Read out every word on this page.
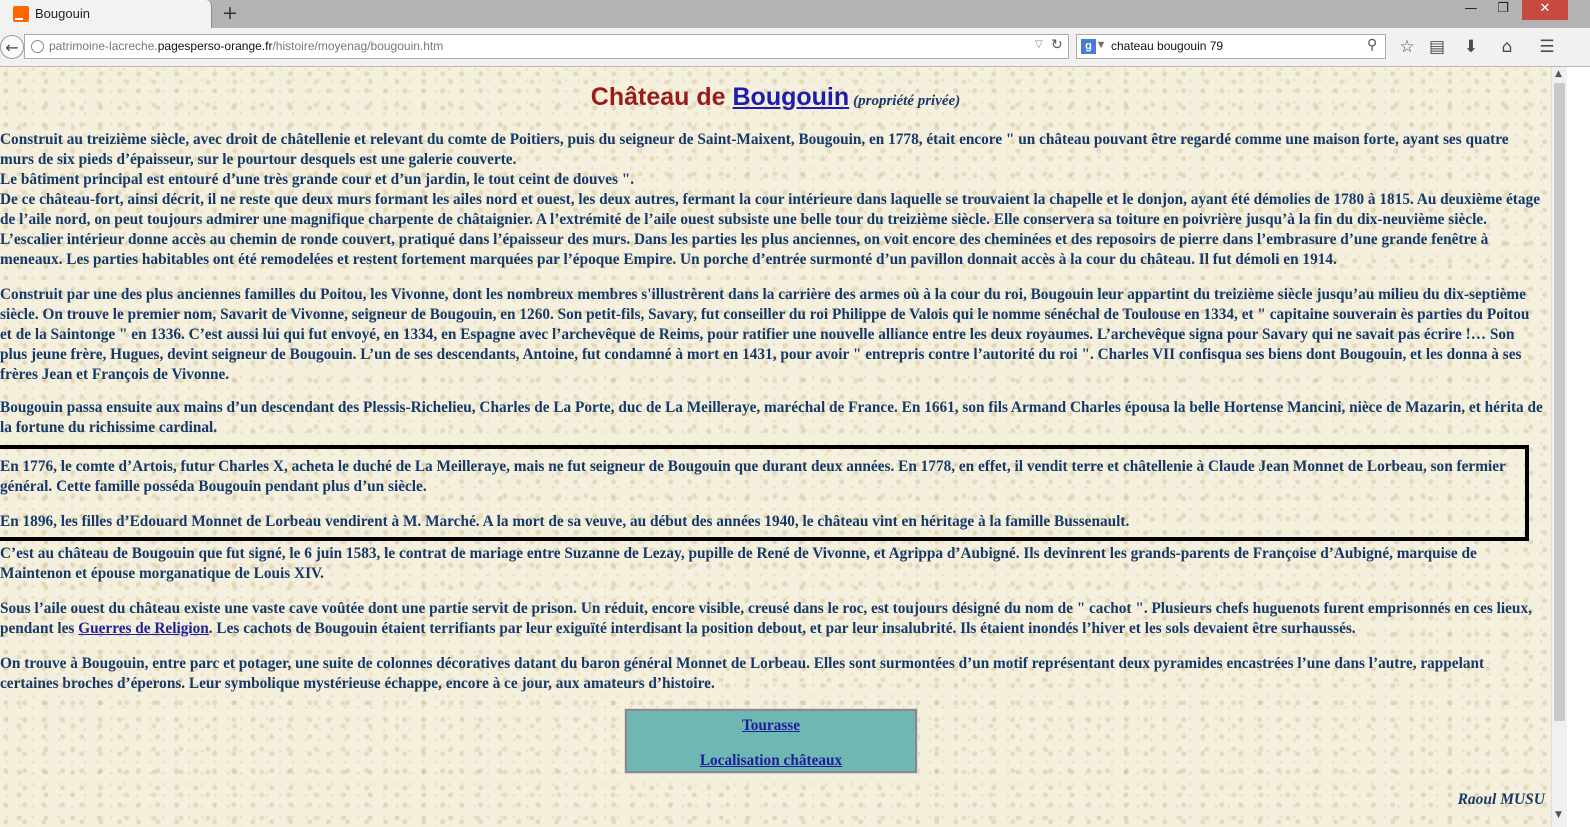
Bougouin	+	—	❐	✕
←	patrimoine-lacreche.pagesperso-orange.fr/histoire/moyenag/bougouin.htm	▽ ↻	g ▼ chateau bougouin 79	⚲ ☆ ▤ ⬇	⌂	☰
Château de Bougouin (propriété privée)

Construit au treizième siècle, avec droit de châtellenie et relevant du comte de Poitiers, puis du seigneur de Saint-Maixent, Bougouin, en 1778, était encore " un château pouvant être regardé comme une maison forte, ayant ses quatre murs de six pieds d’épaisseur, sur le pourtour desquels est une galerie couverte.
Le bâtiment principal est entouré d’une très grande cour et d’un jardin, le tout ceint de douves ".
De ce château-fort, ainsi décrit, il ne reste que deux murs formant les ailes nord et ouest, les deux autres, fermant la cour intérieure dans laquelle se trouvaient la chapelle et le donjon, ayant été démolies de 1780 à 1815. Au deuxième étage de l’aile nord, on peut toujours admirer une magnifique charpente de châtaignier. A l’extrémité de l’aile ouest subsiste une belle tour du treizième siècle. Elle conservera sa toiture en poivrière jusqu’à la fin du dix-neuvième siècle. L’escalier intérieur donne accès au chemin de ronde couvert, pratiqué dans l’épaisseur des murs. Dans les parties les plus anciennes, on voit encore des cheminées et des reposoirs de pierre dans l’embrasure d’une grande fenêtre à meneaux. Les parties habitables ont été remodelées et restent fortement marquées par l’époque Empire. Un porche d’entrée surmonté d’un pavillon donnait accès à la cour du château. Il fut démoli en 1914.

Construit par une des plus anciennes familles du Poitou, les Vivonne, dont les nombreux membres s'illustrèrent dans la carrière des armes où à la cour du roi, Bougouin leur appartint du treizième siècle jusqu’au milieu du dix-septième siècle. On trouve le premier nom, Savarit de Vivonne, seigneur de Bougouin, en 1260. Son petit-fils, Savary, fut conseiller du roi Philippe de Valois qui le nomme sénéchal de Toulouse en 1334, et " capitaine souverain ès parties du Poitou et de la Saintonge " en 1336. C’est aussi lui qui fut envoyé, en 1334, en Espagne avec l’archevêque de Reims, pour ratifier une nouvelle alliance entre les deux royaumes. L’archevêque signa pour Savary qui ne savait pas écrire !… Son plus jeune frère, Hugues, devint seigneur de Bougouin. L’un de ses descendants, Antoine, fut condamné à mort en 1431, pour avoir " entrepris contre l’autorité du roi ". Charles VII confisqua ses biens dont Bougouin, et les donna à ses frères Jean et François de Vivonne.

Bougouin passa ensuite aux mains d’un descendant des Plessis-Richelieu, Charles de La Porte, duc de La Meilleraye, maréchal de France. En 1661, son fils Armand Charles épousa la belle Hortense Mancini, nièce de Mazarin, et hérita de la fortune du richissime cardinal.

En 1776, le comte d’Artois, futur Charles X, acheta le duché de La Meilleraye, mais ne fut seigneur de Bougouin que durant deux années. En 1778, en effet, il vendit terre et châtellenie à Claude Jean Monnet de Lorbeau, son fermier général. Cette famille posséda Bougouin pendant plus d’un siècle.

En 1896, les filles d’Edouard Monnet de Lorbeau vendirent à M. Marché. A la mort de sa veuve, au début des années 1940, le château vint en héritage à la famille Bussenault.

C’est au château de Bougouin que fut signé, le 6 juin 1583, le contrat de mariage entre Suzanne de Lezay, pupille de René de Vivonne, et Agrippa d’Aubigné. Ils devinrent les grands-parents de Françoise d’Aubigné, marquise de Maintenon et épouse morganatique de Louis XIV.

Sous l’aile ouest du château existe une vaste cave voûtée dont une partie servit de prison. Un réduit, encore visible, creusé dans le roc, est toujours désigné du nom de " cachot ". Plusieurs chefs huguenots furent emprisonnés en ces lieux, pendant les Guerres de Religion. Les cachots de Bougouin étaient terrifiants par leur exiguïté interdisant la position debout, et par leur insalubrité. Ils étaient inondés l’hiver et les sols devaient être surhaussés.

On trouve à Bougouin, entre parc et potager, une suite de colonnes décoratives datant du baron général Monnet de Lorbeau. Elles sont surmontées d’un motif représentant deux pyramides encastrées l’une dans l’autre, rappelant certaines broches d’éperons. Leur symbolique mystérieuse échappe, encore à ce jour, aux amateurs d’histoire.

Tourasse
Localisation châteaux
Raoul MUSU
▲
▼
